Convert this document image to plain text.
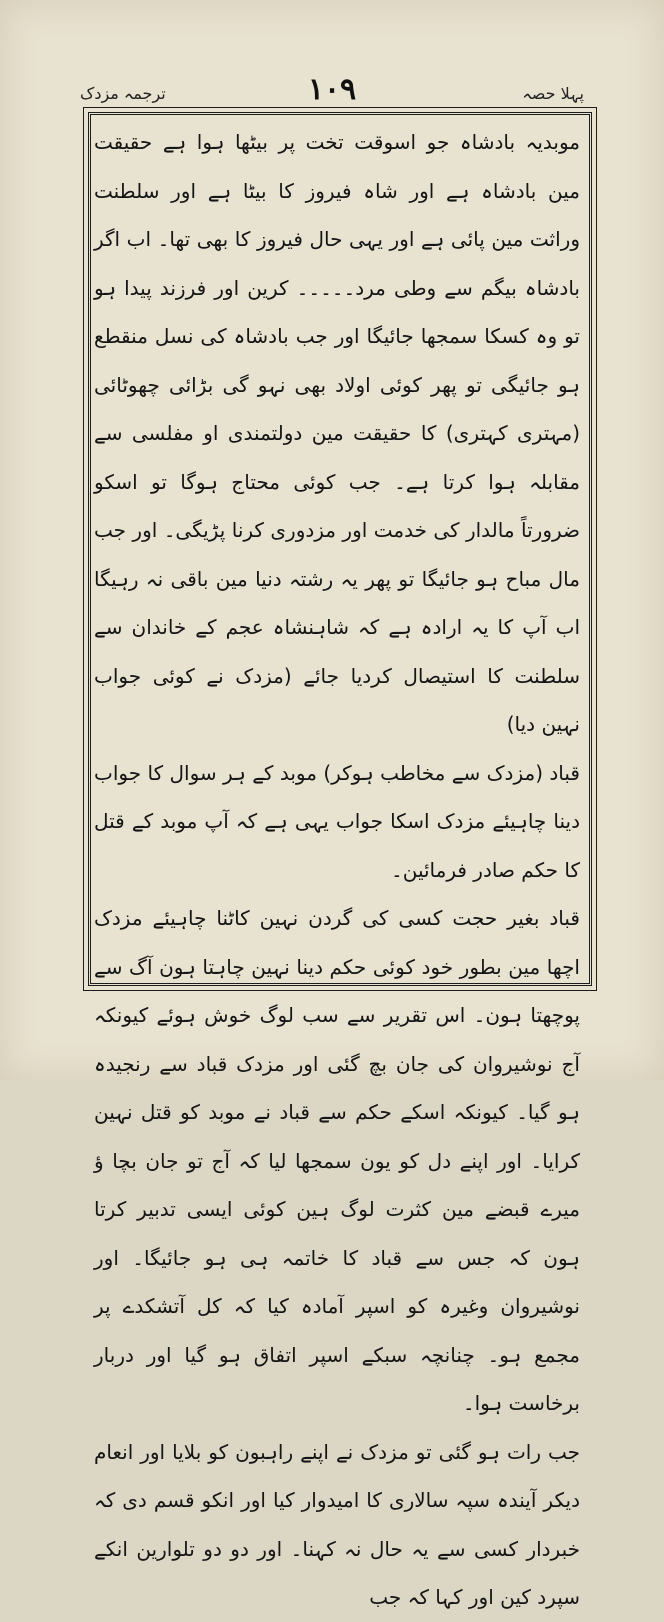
پہلا حصہ
۱۰۹
ترجمہ مزدک

موبدیہ بادشاہ جو اسوقت تخت پر بیٹھا ہوا ہے حقیقت مین بادشاہ ہے اور شاہ فیروز کا بیٹا ہے اور سلطنت وراثت مین پائی ہے اور یہی حال فیروز کا بھی تھا۔ اب اگر بادشاہ بیگم سے وطی مرد۔۔۔۔۔ کرین اور فرزند پیدا ہو تو وہ کسکا سمجھا جائیگا اور جب بادشاہ کی نسل منقطع ہو جائیگی تو پھر کوئی اولاد بھی نہو گی بڑائی چھوٹائی (مہتری کہتری) کا حقیقت مین دولتمندی او مفلسی سے مقابلہ ہوا کرتا ہے۔ جب کوئی محتاج ہوگا تو اسکو ضرورتاً مالدار کی خدمت اور مزدوری کرنا پڑیگی۔ اور جب مال مباح ہو جائیگا تو پھر یہ رشتہ دنیا مین باقی نہ رہیگا اب آپ کا یہ ارادہ ہے کہ شاہنشاہ عجم کے خاندان سے سلطنت کا استیصال کردیا جائے (مزدک نے کوئی جواب نہین دیا)

قباد (مزدک سے مخاطب ہوکر) موبد کے ہر سوال کا جواب دینا چاہیئے مزدک اسکا جواب یہی ہے کہ آپ موبد کے قتل کا حکم صادر فرمائین۔

قباد بغیر حجت کسی کی گردن نہین کاٹنا چاہیئے مزدک اچھا مین بطور خود کوئی حکم دینا نہین چاہتا ہون آگ سے پوچھتا ہون۔ اس تقریر سے سب لوگ خوش ہوئے کیونکہ آج نوشیروان کی جان بچ گئی اور مزدک قباد سے رنجیدہ ہو گیا۔ کیونکہ اسکے حکم سے قباد نے موبد کو قتل نہین کرایا۔ اور اپنے دل کو یون سمجھا لیا کہ آج تو جان بچا ؤ میرے قبضے مین کثرت لوگ ہین کوئی ایسی تدبیر کرتا ہون کہ جس سے قباد کا خاتمہ ہی ہو جائیگا۔ اور نوشیروان وغیرہ کو اسپر آمادہ کیا کہ کل آتشکدے پر مجمع ہو۔ چنانچہ سبکے اسپر اتفاق ہو گیا اور دربار برخاست ہوا۔

جب رات ہو گئی تو مزدک نے اپنے راہبون کو بلایا اور انعام دیکر آیندہ سپہ سالاری کا امیدوار کیا اور انکو قسم دی کہ خبردار کسی سے یہ حال نہ کہنا۔ اور دو دو تلوارین انکے سپرد کین اور کہا کہ جب
